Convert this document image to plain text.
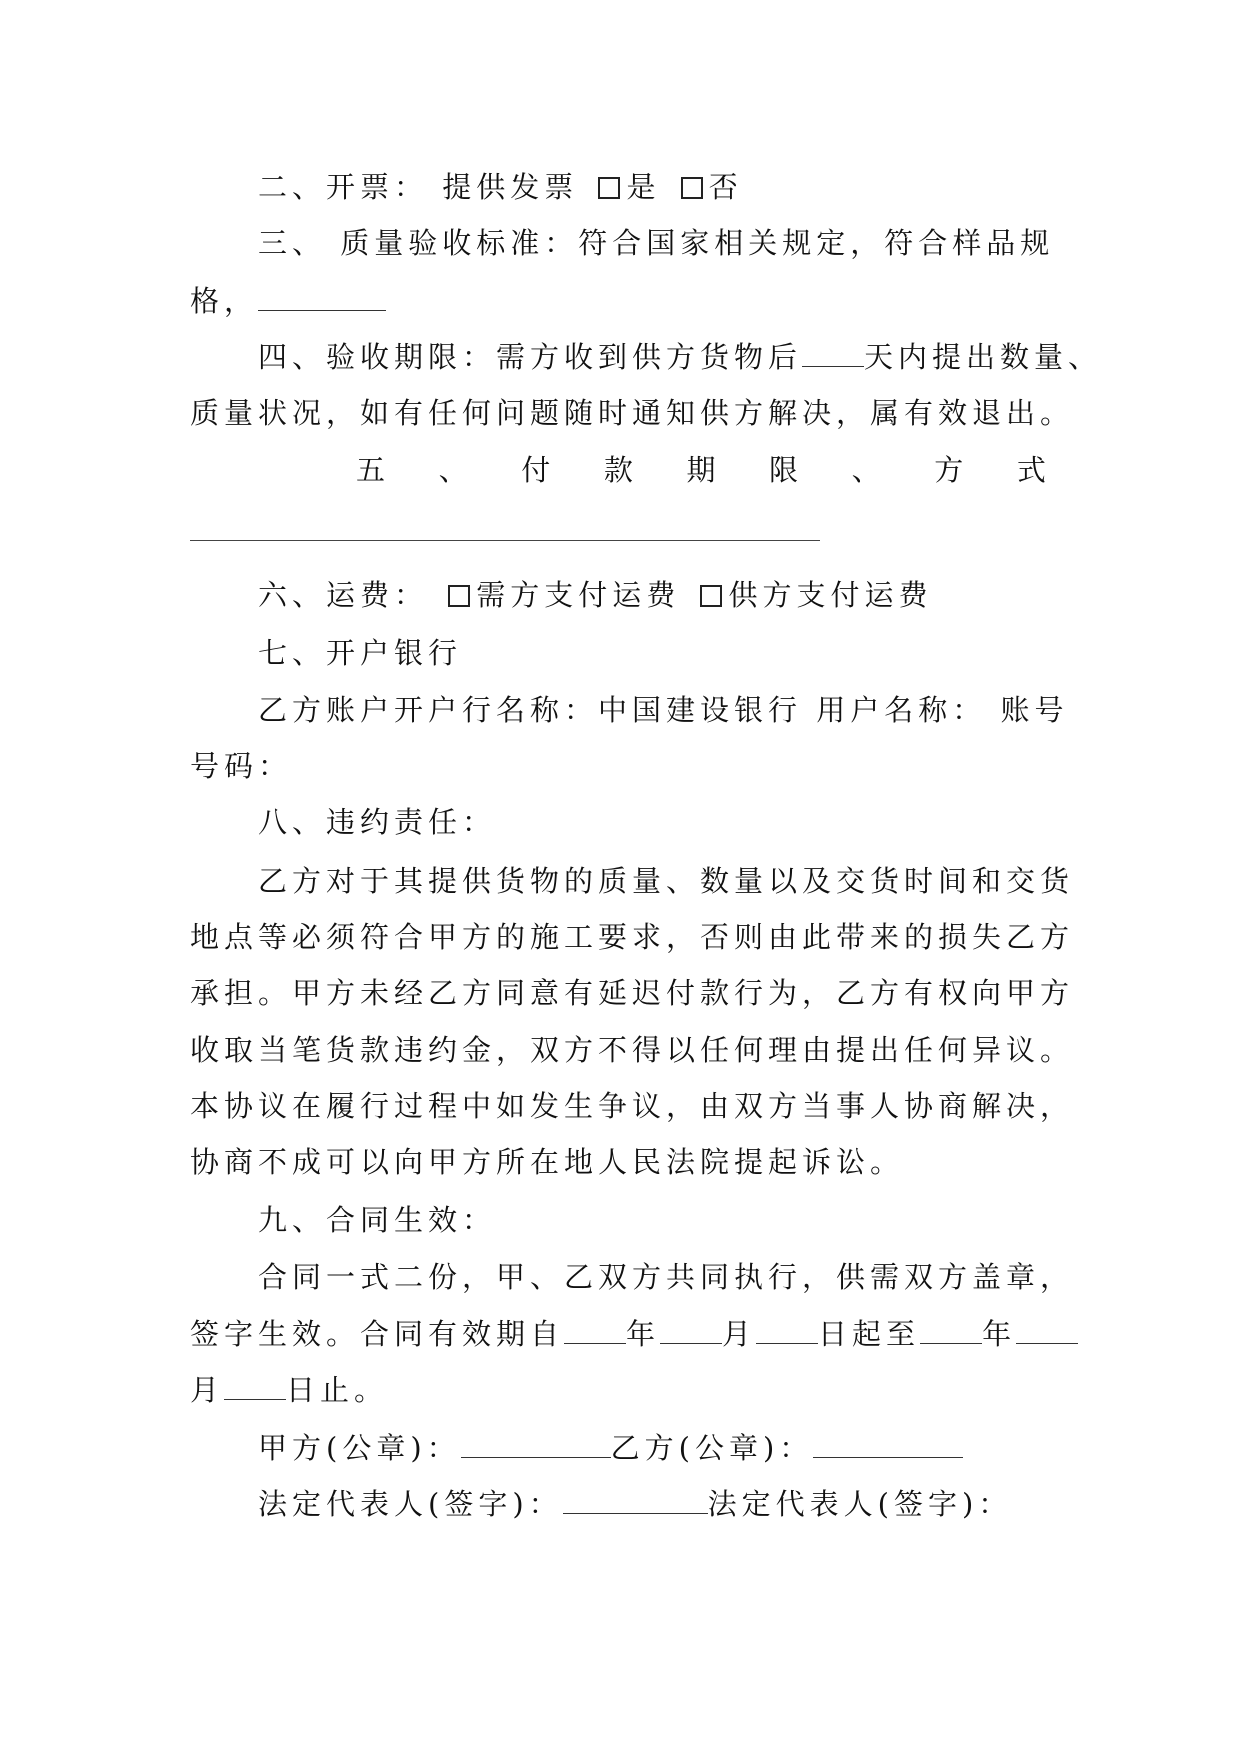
二、开票： 提供发票 是 否
三、 质量验收标准：符合国家相关规定，符合样品规
格，
四、验收期限：需方收到供方货物后 天内提出数量、
质量状况，如有任何问题随时通知供方解决，属有效退出。
五 、 付 款 期 限 、 方 式
六、运费： 需方支付运费 供方支付运费
七、开户银行
乙方账户开户行名称：中国建设银行 用户名称： 账号
号码：
八、违约责任：
乙方对于其提供货物的质量、数量以及交货时间和交货
地点等必须符合甲方的施工要求，否则由此带来的损失乙方
承担。甲方未经乙方同意有延迟付款行为，乙方有权向甲方
收取当笔货款违约金，双方不得以任何理由提出任何异议。
本协议在履行过程中如发生争议，由双方当事人协商解决，
协商不成可以向甲方所在地人民法院提起诉讼。
九、合同生效：
合同一式二份，甲、乙双方共同执行，供需双方盖章，
签字生效。合同有效期自 年 月 日起至 年
月 日止。
甲方(公章)：	乙方(公章)：
法定代表人(签字)：	法定代表人(签字)：
